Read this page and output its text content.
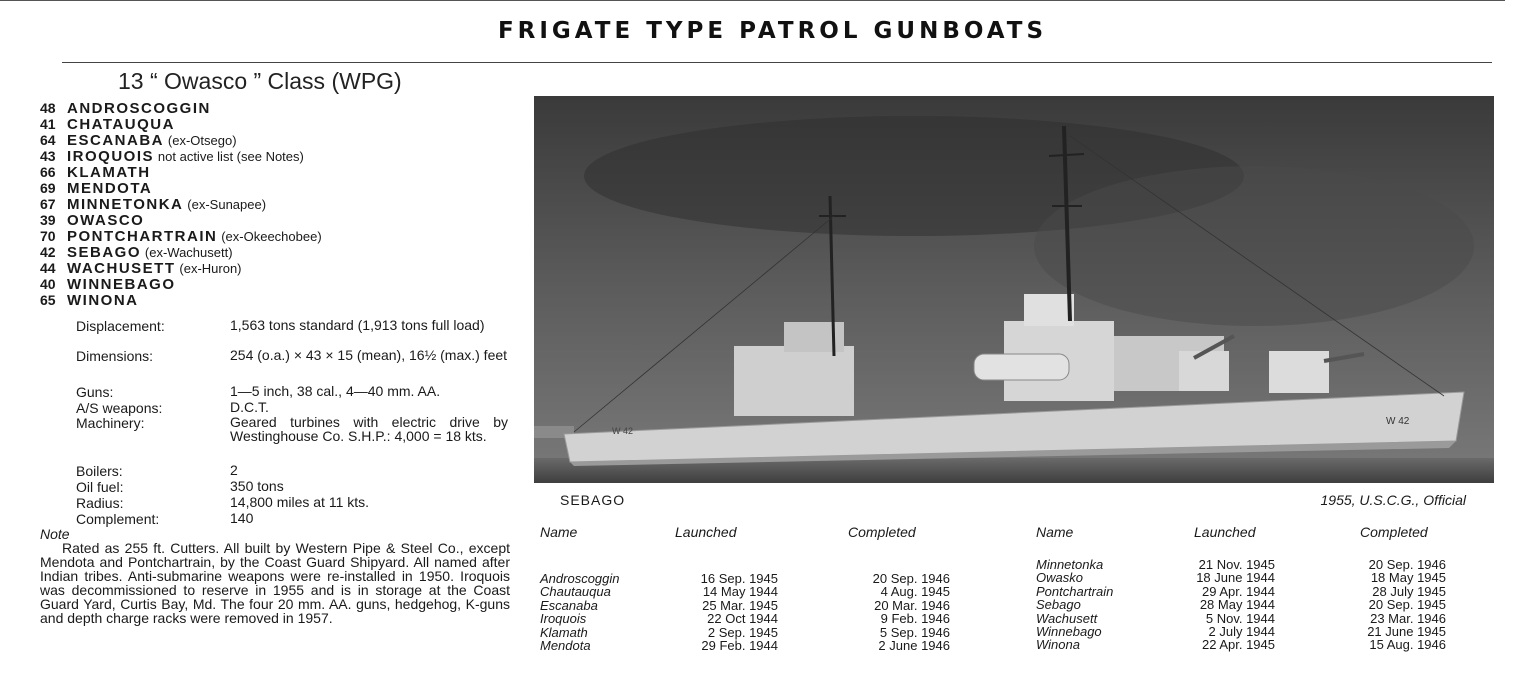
FRIGATE TYPE PATROL GUNBOATS
13 “ Owasco ” Class (WPG)
48 ANDROSCOGGIN
41 CHATAUQUA
64 ESCANABA (ex-Otsego)
43 IROQUOIS not active list (see Notes)
66 KLAMATH
69 MENDOTA
67 MINNETONKA (ex-Sunapee)
39 OWASCO
70 PONTCHARTRAIN (ex-Okeechobee)
42 SEBAGO (ex-Wachusett)
44 WACHUSETT (ex-Huron)
40 WINNEBAGO
65 WINONA
Displacement:	1,563 tons standard (1,913 tons full load)
Dimensions:	254 (o.a.) × 43 × 15 (mean), 16½ (max.) feet
Guns:	1—5 inch, 38 cal., 4—40 mm. AA.
A/S weapons:	D.C.T.
Machinery:	Geared turbines with electric drive by Westinghouse Co. S.H.P.: 4,000 = 18 kts.
Boilers:	2
Oil fuel:	350 tons
Radius:	14,800 miles at 11 kts.
Complement:	140
Note
Rated as 255 ft. Cutters. All built by Western Pipe & Steel Co., except Mendota and Pontchartrain, by the Coast Guard Shipyard. All named after Indian tribes. Anti-submarine weapons were re-installed in 1950. Iroquois was decommissioned to reserve in 1955 and is in storage at the Coast Guard Yard, Curtis Bay, Md. The four 20 mm. AA. guns, hedgehog, K-guns and depth charge racks were removed in 1957.
W 42
W 42
SEBAGO	1955, U.S.C.G., Official
Name	Launched	Completed	Name	Launched	Completed
Androscoggin	16 Sep. 1945	20 Sep. 1946
Chautauqua	14 May 1944	4 Aug. 1945
Escanaba	25 Mar. 1945	20 Mar. 1946
Iroquois	22 Oct 1944	9 Feb. 1946
Klamath	2 Sep. 1945	5 Sep. 1946
Mendota	29 Feb. 1944	2 June 1946
Minnetonka	21 Nov. 1945	20 Sep. 1946
Owasko	18 June 1944	18 May 1945
Pontchartrain	29 Apr. 1944	28 July 1945
Sebago	28 May 1944	20 Sep. 1945
Wachusett	5 Nov. 1944	23 Mar. 1946
Winnebago	2 July 1944	21 June 1945
Winona	22 Apr. 1945	15 Aug. 1946
